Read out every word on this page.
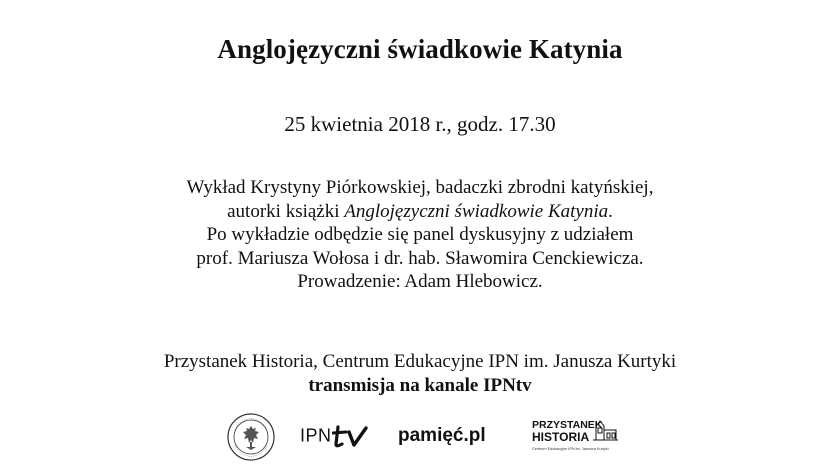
Anglojęzyczni świadkowie Katynia
25 kwietnia 2018 r., godz. 17.30
Wykład Krystyny Piórkowskiej, badaczki zbrodni katyńskiej,
autorki książki Anglojęzyczni świadkowie Katynia.
Po wykładzie odbędzie się panel dyskusyjny z udziałem
prof. Mariusza Wołosa i dr. hab. Sławomira Cenckiewicza.
Prowadzenie: Adam Hlebowicz.
Przystanek Historia, Centrum Edukacyjne IPN im. Janusza Kurtyki
transmisja na kanale IPNtv
IPN	pamięć.pl	PRZYSTANEK
HISTORIA
Centrum Edukacyjne IPN im. Janusza Kurtyki
